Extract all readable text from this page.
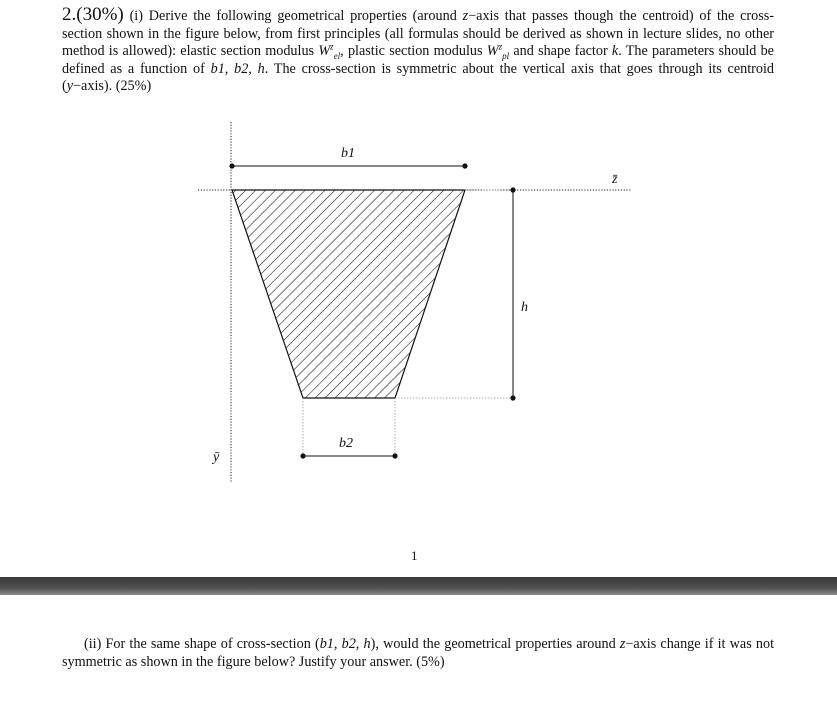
2.(30%) (i) Derive the following geometrical properties (around z−axis that passes though the centroid) of the cross-section shown in the figure below, from first principles (all formulas should be derived as shown in lecture slides, no other method is allowed): elastic section modulus $W^z_{el}$, plastic section modulus $W^z_{pl}$ and shape factor k. The parameters should be defined as a function of b1, b2, h. The cross-section is symmetric about the vertical axis that goes through its centroid (y−axis). (25%)
b1
h
b2
z̄
ȳ
1
(ii) For the same shape of cross-section (b1, b2, h), would the geometrical properties around z−axis change if it was not symmetric as shown in the figure below? Justify your answer. (5%)
